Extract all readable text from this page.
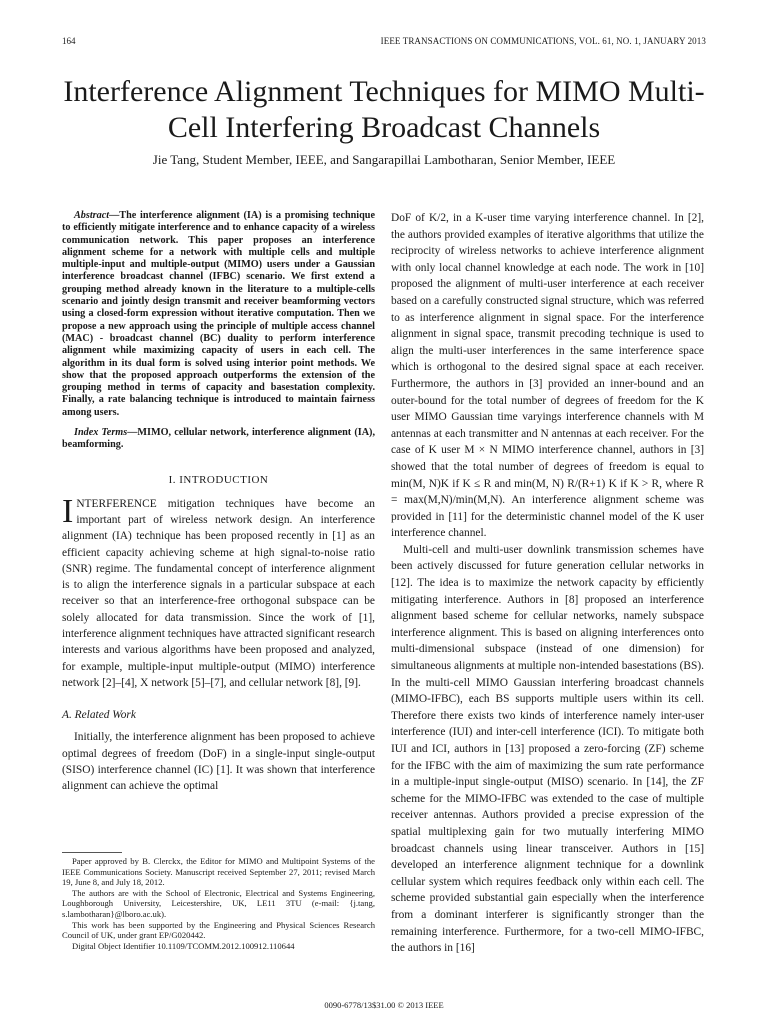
164	IEEE TRANSACTIONS ON COMMUNICATIONS, VOL. 61, NO. 1, JANUARY 2013
Interference Alignment Techniques for MIMO Multi-Cell Interfering Broadcast Channels
Jie Tang, Student Member, IEEE, and Sangarapillai Lambotharan, Senior Member, IEEE

Abstract—The interference alignment (IA) is a promising technique to efficiently mitigate interference and to enhance capacity of a wireless communication network. This paper proposes an interference alignment scheme for a network with multiple cells and multiple multiple-input and multiple-output (MIMO) users under a Gaussian interference broadcast channel (IFBC) scenario. We first extend a grouping method already known in the literature to a multiple-cells scenario and jointly design transmit and receiver beamforming vectors using a closed-form expression without iterative computation. Then we propose a new approach using the principle of multiple access channel (MAC) - broadcast channel (BC) duality to perform interference alignment while maximizing capacity of users in each cell. The algorithm in its dual form is solved using interior point methods. We show that the proposed approach outperforms the extension of the grouping method in terms of capacity and basestation complexity. Finally, a rate balancing technique is introduced to maintain fairness among users.

Index Terms—MIMO, cellular network, interference alignment (IA), beamforming.

I. INTRODUCTION

INTERFERENCE mitigation techniques have become an important part of wireless network design. An interference alignment (IA) technique has been proposed recently in [1] as an efficient capacity achieving scheme at high signal-to-noise ratio (SNR) regime. The fundamental concept of interference alignment is to align the interference signals in a particular subspace at each receiver so that an interference-free orthogonal subspace can be solely allocated for data transmission. Since the work of [1], interference alignment techniques have attracted significant research interests and various algorithms have been proposed and analyzed, for example, multiple-input multiple-output (MIMO) interference network [2]–[4], X network [5]–[7], and cellular network [8], [9].

A. Related Work

Initially, the interference alignment has been proposed to achieve optimal degrees of freedom (DoF) in a single-input single-output (SISO) interference channel (IC) [1]. It was shown that interference alignment can achieve the optimal

Paper approved by B. Clerckx, the Editor for MIMO and Multipoint Systems of the IEEE Communications Society. Manuscript received September 27, 2011; revised March 19, June 8, and July 18, 2012.

The authors are with the School of Electronic, Electrical and Systems Engineering, Loughborough University, Leicestershire, UK, LE11 3TU (e-mail: {j.tang, s.lambotharan}@lboro.ac.uk).

This work has been supported by the Engineering and Physical Sciences Research Council of UK, under grant EP/G020442.

Digital Object Identifier 10.1109/TCOMM.2012.100912.110644

DoF of K/2, in a K-user time varying interference channel. In [2], the authors provided examples of iterative algorithms that utilize the reciprocity of wireless networks to achieve interference alignment with only local channel knowledge at each node. The work in [10] proposed the alignment of multi-user interference at each receiver based on a carefully constructed signal structure, which was referred to as interference alignment in signal space. For the interference alignment in signal space, transmit precoding technique is used to align the multi-user interferences in the same interference space which is orthogonal to the desired signal space at each receiver. Furthermore, the authors in [3] provided an inner-bound and an outer-bound for the total number of degrees of freedom for the K user MIMO Gaussian time varyings interference channels with M antennas at each transmitter and N antennas at each receiver. For the case of K user M × N MIMO interference channel, authors in [3] showed that the total number of degrees of freedom is equal to min(M, N)K if K ≤ R and min(M, N) R/(R+1) K if K > R, where R = max(M,N)/min(M,N). An interference alignment scheme was provided in [11] for the deterministic channel model of the K user interference channel.

Multi-cell and multi-user downlink transmission schemes have been actively discussed for future generation cellular networks in [12]. The idea is to maximize the network capacity by efficiently mitigating interference. Authors in [8] proposed an interference alignment based scheme for cellular networks, namely subspace interference alignment. This is based on aligning interferences onto multi-dimensional subspace (instead of one dimension) for simultaneous alignments at multiple non-intended basestations (BS). In the multi-cell MIMO Gaussian interfering broadcast channels (MIMO-IFBC), each BS supports multiple users within its cell. Therefore there exists two kinds of interference namely inter-user interference (IUI) and inter-cell interference (ICI). To mitigate both IUI and ICI, authors in [13] proposed a zero-forcing (ZF) scheme for the IFBC with the aim of maximizing the sum rate performance in a multiple-input single-output (MISO) scenario. In [14], the ZF scheme for the MIMO-IFBC was extended to the case of multiple receiver antennas. Authors provided a precise expression of the spatial multiplexing gain for two mutually interfering MIMO broadcast channels using linear transceiver. Authors in [15] developed an interference alignment technique for a downlink cellular system which requires feedback only within each cell. The scheme provided substantial gain especially when the interference from a dominant interferer is significantly stronger than the remaining interference. Furthermore, for a two-cell MIMO-IFBC, the authors in [16]

0090-6778/13$31.00 © 2013 IEEE
